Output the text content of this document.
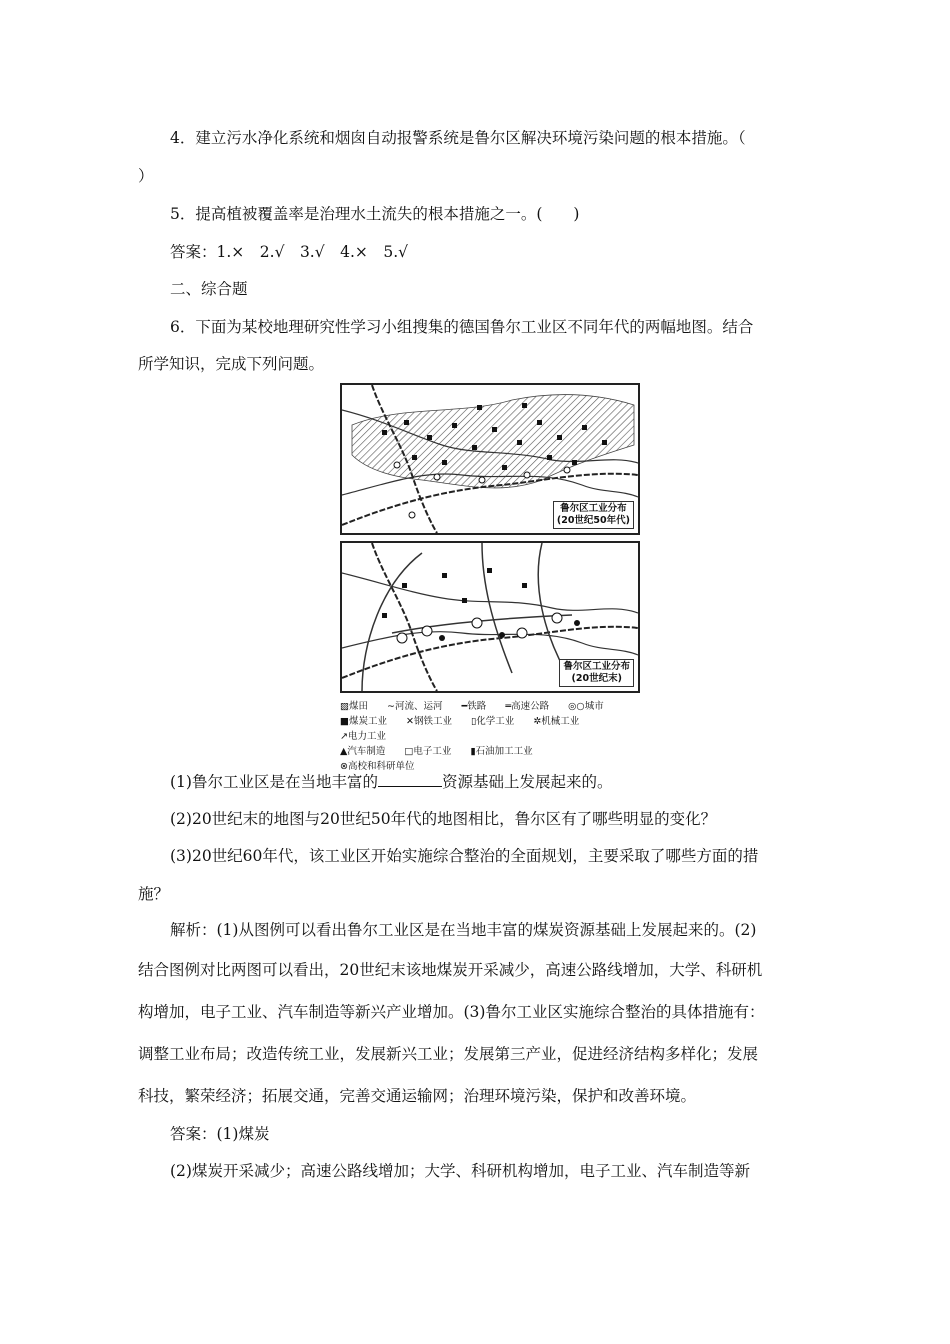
4．建立污水净化系统和烟囱自动报警系统是鲁尔区解决环境污染问题的根本措施。（
）
5．提高植被覆盖率是治理水土流失的根本措施之一。(　　)
答案：1.×　2.√　3.√　4.×　5.√
二、综合题
6．下面为某校地理研究性学习小组搜集的德国鲁尔工业区不同年代的两幅地图。结合
所学知识，完成下列问题。
鲁尔区工业分布
(20世纪50年代)
鲁尔区工业分布
(20世纪末)
▨煤田 ∼河流、运河 ━铁路 ═高速公路 ◎○城市
■煤炭工业 ✕钢铁工业 ▯化学工业 ✲机械工业 ↗电力工业
▲汽车制造 □电子工业 ▮石油加工工业 ⊗高校和科研单位
(1)鲁尔工业区是在当地丰富的	资源基础上发展起来的。
(2)20世纪末的地图与20世纪50年代的地图相比，鲁尔区有了哪些明显的变化？
(3)20世纪60年代，该工业区开始实施综合整治的全面规划，主要采取了哪些方面的措
施？
解析：(1)从图例可以看出鲁尔工业区是在当地丰富的煤炭资源基础上发展起来的。(2)
结合图例对比两图可以看出，20世纪末该地煤炭开采减少，高速公路线增加，大学、科研机
构增加，电子工业、汽车制造等新兴产业增加。(3)鲁尔工业区实施综合整治的具体措施有：
调整工业布局；改造传统工业，发展新兴工业；发展第三产业，促进经济结构多样化；发展
科技，繁荣经济；拓展交通，完善交通运输网；治理环境污染，保护和改善环境。
答案：(1)煤炭
(2)煤炭开采减少；高速公路线增加；大学、科研机构增加，电子工业、汽车制造等新
